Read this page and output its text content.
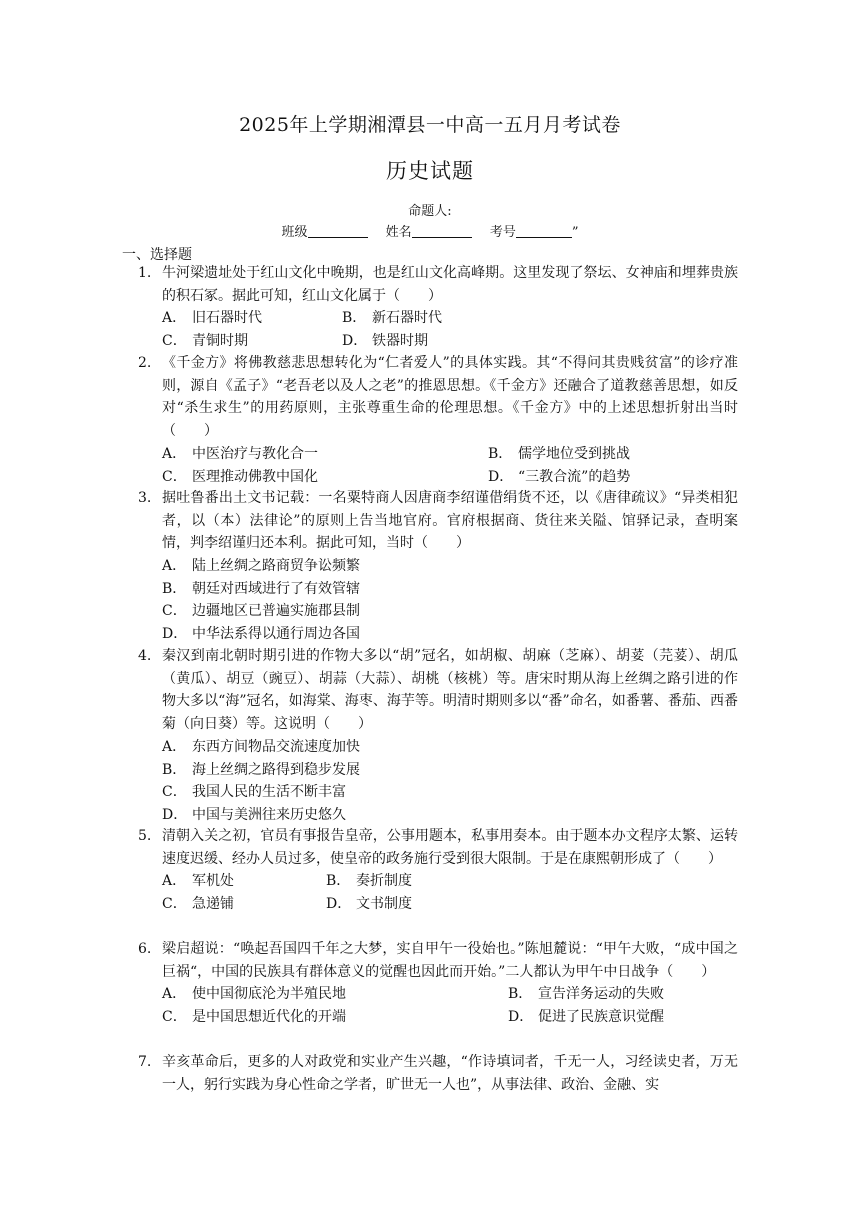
2025年上学期湘潭县一中高一五月月考试卷
历史试题
命题人:
班级	姓名	考号	”
一、选择题
1. 牛河梁遗址处于红山文化中晚期，也是红山文化高峰期。这里发现了祭坛、女神庙和埋葬贵族的积石冢。据此可知，红山文化属于（　　）
A． 旧石器时代	B． 新石器时代
C． 青铜时期	D． 铁器时期
2. 《千金方》将佛教慈悲思想转化为“仁者爱人”的具体实践。其“不得问其贵贱贫富”的诊疗准则，源自《孟子》“老吾老以及人之老”的推恩思想。《千金方》还融合了道教慈善思想，如反对“杀生求生”的用药原则，主张尊重生命的伦理思想。《千金方》中的上述思想折射出当时（　　）
A． 中医治疗与教化合一	B． 儒学地位受到挑战
C． 医理推动佛教中国化	D． “三教合流”的趋势
3. 据吐鲁番出土文书记载：一名粟特商人因唐商李绍谨借绢货不还，以《唐律疏议》“异类相犯者，以（本）法律论”的原则上告当地官府。官府根据商、货往来关隘、馆驿记录，查明案情，判李绍谨归还本利。据此可知，当时（　　）
A． 陆上丝绸之路商贸争讼频繁
B． 朝廷对西域进行了有效管辖
C． 边疆地区已普遍实施郡县制
D． 中华法系得以通行周边各国
4. 秦汉到南北朝时期引进的作物大多以“胡”冠名，如胡椒、胡麻（芝麻）、胡荽（芫荽）、胡瓜（黄瓜）、胡豆（豌豆）、胡蒜（大蒜）、胡桃（核桃）等。唐宋时期从海上丝绸之路引进的作物大多以“海”冠名，如海棠、海枣、海芋等。明清时期则多以“番”命名，如番薯、番茄、西番菊（向日葵）等。这说明（　　）
A． 东西方间物品交流速度加快
B． 海上丝绸之路得到稳步发展
C． 我国人民的生活不断丰富
D． 中国与美洲往来历史悠久
5. 清朝入关之初，官员有事报告皇帝，公事用题本，私事用奏本。由于题本办文程序太繁、运转速度迟缓、经办人员过多，使皇帝的政务施行受到很大限制。于是在康熙朝形成了（　　）
A． 军机处	B． 奏折制度
C． 急递铺	D． 文书制度
6. 梁启超说：“唤起吾国四千年之大梦，实自甲午一役始也。”陈旭麓说：“甲午大败，“成中国之巨祸“，中国的民族具有群体意义的觉醒也因此而开始。”二人都认为甲午中日战争（　　）
A． 使中国彻底沦为半殖民地	B． 宣告洋务运动的失败
C． 是中国思想近代化的开端	D． 促进了民族意识觉醒
7. 辛亥革命后，更多的人对政党和实业产生兴趣，“作诗填词者，千无一人，习经读史者，万无一人，躬行实践为身心性命之学者，旷世无一人也”，从事法律、政治、金融、实
